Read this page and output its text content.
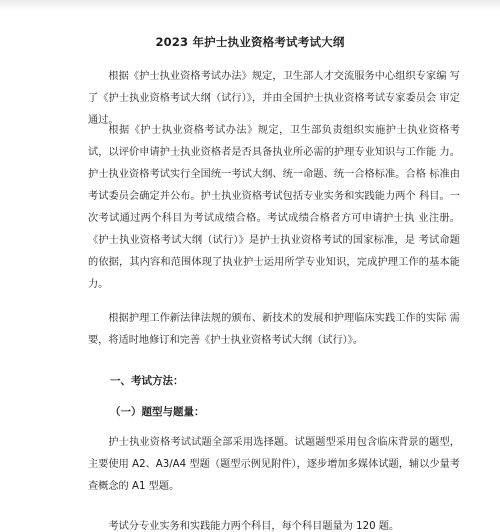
2023 年护士执业资格考试考试大纲

根据《护士执业资格考试办法》规定，卫生部人才交流服务中心组织专家编 写了《护士执业资格考试大纲（试行）》，并由全国护士执业资格考试专家委员会 审定通过。

根据《护士执业资格考试办法》规定，卫生部负责组织实施护士执业资格考试，以评价申请护士执业资格者是否具备执业所必需的护理专业知识与工作能 力。护士执业资格考试实行全国统一考试大纲、统一命题、统一合格标准。合格 标准由考试委员会确定并公布。护士执业资格考试包括专业实务和实践能力两个 科目。一次考试通过两个科目为考试成绩合格。考试成绩合格者方可申请护士执 业注册。《护士执业资格考试大纲（试行）》是护士执业资格考试的国家标准，是 考试命题的依据，其内容和范围体现了执业护士运用所学专业知识，完成护理工作的基本能力。

根据护理工作新法律法规的颁布、新技术的发展和护理临床实践工作的实际 需要，将适时地修订和完善《护士执业资格考试大纲（试行）》。

一、考试方法：

（一）题型与题量：

护士执业资格考试试题全部采用选择题。试题题型采用包含临床背景的题型，主要使用 A2、A3/A4 型题（题型示例见附件），逐步增加多媒体试题，辅以少量考查概念的 A1 型题。

考试分专业实务和实践能力两个科目，每个科目题量为 120 题。
